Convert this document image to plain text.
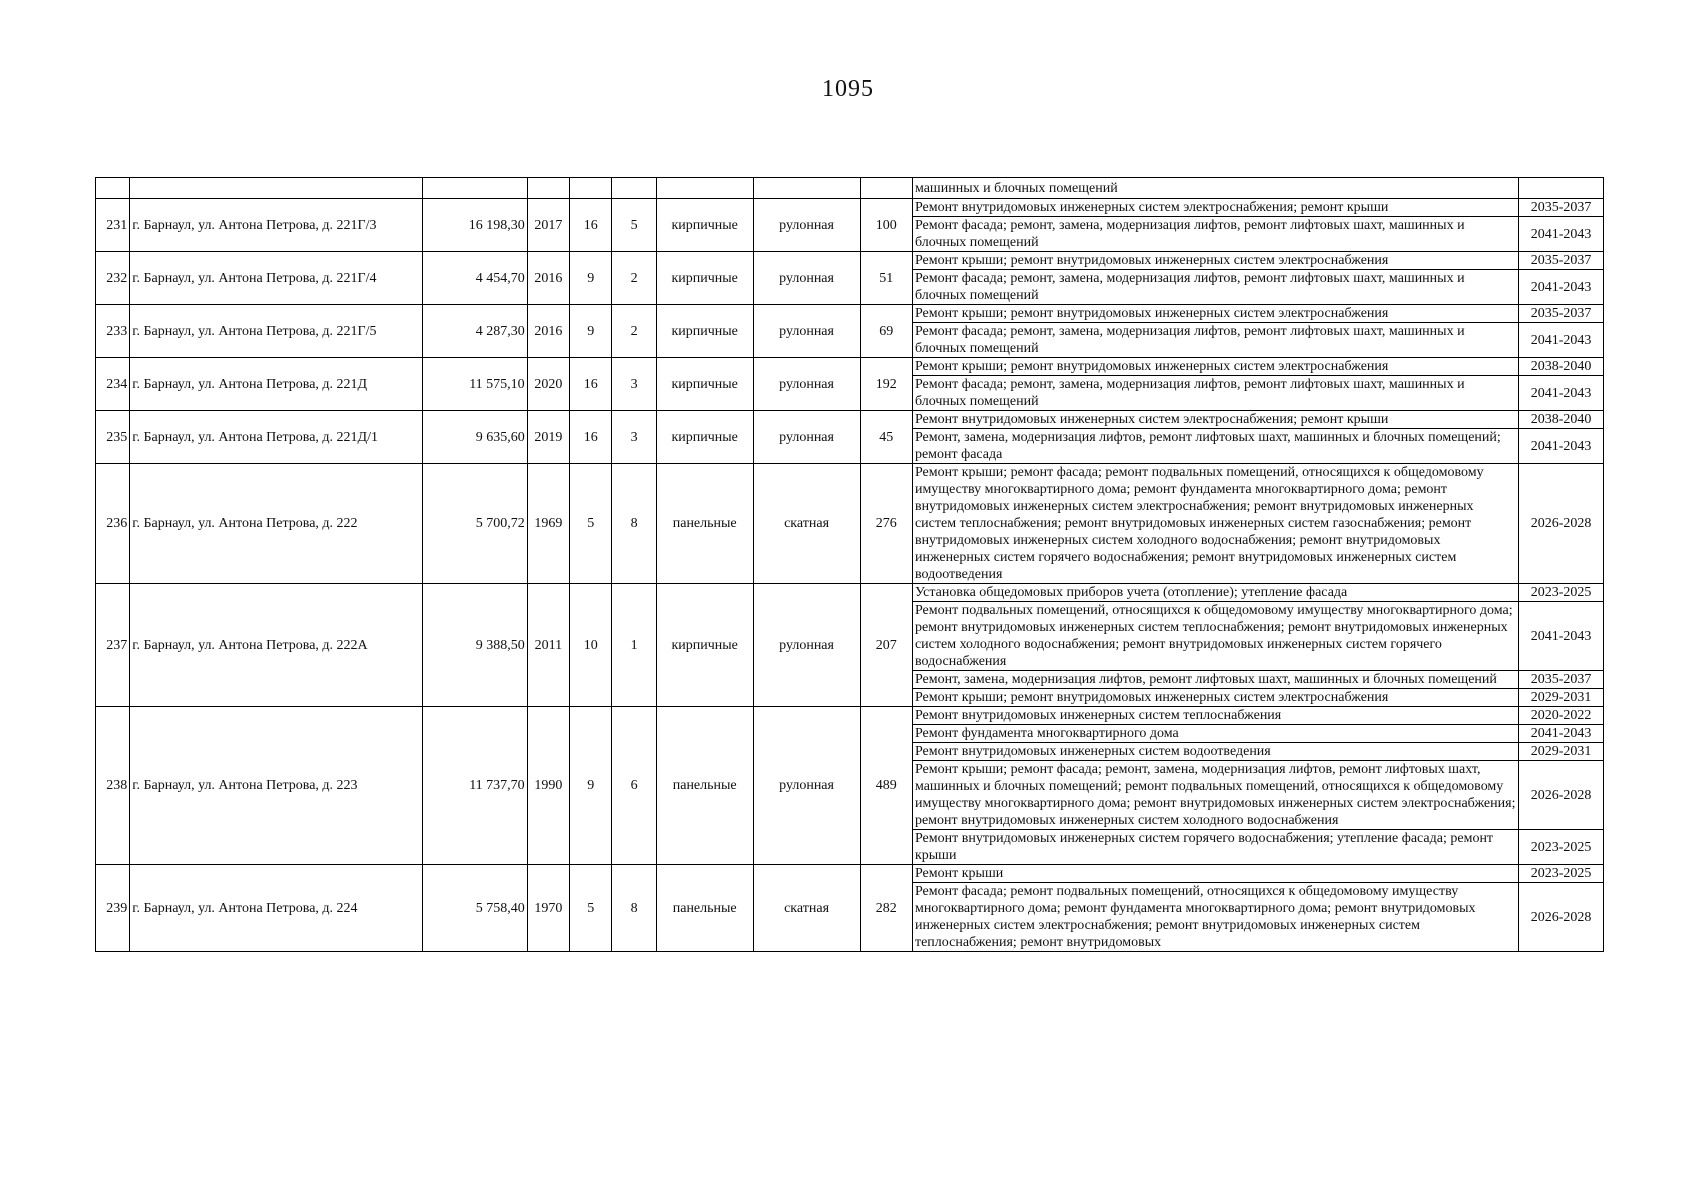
1095
									машинных и блочных помещений	
231	г. Барнаул, ул. Антона Петрова, д. 221Г/3	16 198,30	2017	16	5	кирпичные	рулонная	100	Ремонт внутридомовых инженерных систем электроснабжения; ремонт крыши	2035-2037
									Ремонт фасада; ремонт, замена, модернизация лифтов, ремонт лифтовых шахт, машинных и блочных помещений	2041-2043
232	г. Барнаул, ул. Антона Петрова, д. 221Г/4	4 454,70	2016	9	2	кирпичные	рулонная	51	Ремонт крыши; ремонт внутридомовых инженерных систем электроснабжения	2035-2037
									Ремонт фасада; ремонт, замена, модернизация лифтов, ремонт лифтовых шахт, машинных и блочных помещений	2041-2043
233	г. Барнаул, ул. Антона Петрова, д. 221Г/5	4 287,30	2016	9	2	кирпичные	рулонная	69	Ремонт крыши; ремонт внутридомовых инженерных систем электроснабжения	2035-2037
									Ремонт фасада; ремонт, замена, модернизация лифтов, ремонт лифтовых шахт, машинных и блочных помещений	2041-2043
234	г. Барнаул, ул. Антона Петрова, д. 221Д	11 575,10	2020	16	3	кирпичные	рулонная	192	Ремонт крыши; ремонт внутридомовых инженерных систем электроснабжения	2038-2040
									Ремонт фасада; ремонт, замена, модернизация лифтов, ремонт лифтовых шахт, машинных и блочных помещений	2041-2043
235	г. Барнаул, ул. Антона Петрова, д. 221Д/1	9 635,60	2019	16	3	кирпичные	рулонная	45	Ремонт внутридомовых инженерных систем электроснабжения; ремонт крыши	2038-2040
									Ремонт, замена, модернизация лифтов, ремонт лифтовых шахт, машинных и блочных помещений; ремонт фасада	2041-2043
236	г. Барнаул, ул. Антона Петрова, д. 222	5 700,72	1969	5	8	панельные	скатная	276	Ремонт крыши; ремонт фасада; ремонт подвальных помещений, относящихся к общедомовому имуществу многоквартирного дома; ремонт фундамента многоквартирного дома; ремонт внутридомовых инженерных систем электроснабжения; ремонт внутридомовых инженерных систем теплоснабжения; ремонт внутридомовых инженерных систем газоснабжения; ремонт внутридомовых инженерных систем холодного водоснабжения; ремонт внутридомовых инженерных систем горячего водоснабжения; ремонт внутридомовых инженерных систем водоотведения	2026-2028
237	г. Барнаул, ул. Антона Петрова, д. 222А	9 388,50	2011	10	1	кирпичные	рулонная	207	Установка общедомовых приборов учета (отопление); утепление фасада	2023-2025
									Ремонт подвальных помещений, относящихся к общедомовому имуществу многоквартирного дома; ремонт внутридомовых инженерных систем теплоснабжения; ремонт внутридомовых инженерных систем холодного водоснабжения; ремонт внутридомовых инженерных систем горячего водоснабжения	2041-2043
									Ремонт, замена, модернизация лифтов, ремонт лифтовых шахт, машинных и блочных помещений	2035-2037
									Ремонт крыши; ремонт внутридомовых инженерных систем электроснабжения	2029-2031
238	г. Барнаул, ул. Антона Петрова, д. 223	11 737,70	1990	9	6	панельные	рулонная	489	Ремонт внутридомовых инженерных систем теплоснабжения	2020-2022
									Ремонт фундамента многоквартирного дома	2041-2043
									Ремонт внутридомовых инженерных систем водоотведения	2029-2031
									Ремонт крыши; ремонт фасада; ремонт, замена, модернизация лифтов, ремонт лифтовых шахт, машинных и блочных помещений; ремонт подвальных помещений, относящихся к общедомовому имуществу многоквартирного дома; ремонт внутридомовых инженерных систем электроснабжения; ремонт внутридомовых инженерных систем холодного водоснабжения	2026-2028
									Ремонт внутридомовых инженерных систем горячего водоснабжения; утепление фасада; ремонт крыши	2023-2025
239	г. Барнаул, ул. Антона Петрова, д. 224	5 758,40	1970	5	8	панельные	скатная	282	Ремонт крыши	2023-2025
									Ремонт фасада; ремонт подвальных помещений, относящихся к общедомовому имуществу многоквартирного дома; ремонт фундамента многоквартирного дома; ремонт внутридомовых инженерных систем электроснабжения; ремонт внутридомовых инженерных систем теплоснабжения; ремонт внутридомовых	2026-2028
